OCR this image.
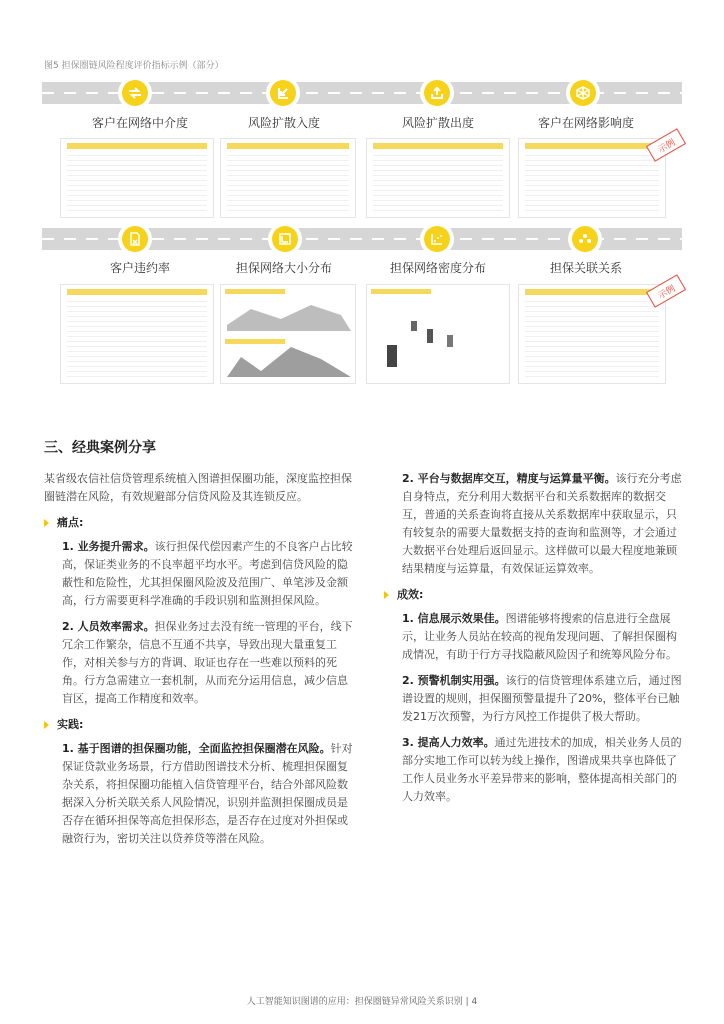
图5 担保圈链风险程度评价指标示例（部分）
客户在网络中介度	风险扩散入度	风险扩散出度	客户在网络影响度
示例
客户违约率	担保网络大小分布	担保网络密度分布	担保关联关系
示例
三、经典案例分享

某省级农信社信贷管理系统植入图谱担保圈功能，深度监控担保圈链潜在风险，有效规避部分信贷风险及其连锁反应。

痛点:
1. 业务提升需求。该行担保代偿因素产生的不良客户占比较高，保证类业务的不良率超平均水平。考虑到信贷风险的隐蔽性和危险性，尤其担保圈风险波及范围广、单笔涉及金额高，行方需要更科学准确的手段识别和监测担保风险。
2. 人员效率需求。担保业务过去没有统一管理的平台，线下冗余工作繁杂，信息不互通不共享，导致出现大量重复工作，对相关参与方的背调、取证也存在一些难以预料的死角。行方急需建立一套机制，从而充分运用信息，减少信息盲区，提高工作精度和效率。
实践:
1. 基于图谱的担保圈功能，全面监控担保圈潜在风险。针对保证贷款业务场景，行方借助图谱技术分析、梳理担保圈复杂关系，将担保圈功能植入信贷管理平台，结合外部风险数据深入分析关联关系人风险情况，识别并监测担保圈成员是否存在循环担保等高危担保形态，是否存在过度对外担保或融资行为，密切关注以贷养贷等潜在风险。
2. 平台与数据库交互，精度与运算量平衡。该行充分考虑自身特点，充分利用大数据平台和关系数据库的数据交互，普通的关系查询将直接从关系数据库中获取显示，只有较复杂的需要大量数据支持的查询和监测等，才会通过大数据平台处理后返回显示。这样做可以最大程度地兼顾结果精度与运算量，有效保证运算效率。
成效:
1. 信息展示效果佳。图谱能够将搜索的信息进行全盘展示，让业务人员站在较高的视角发现问题、了解担保圈构成情况，有助于行方寻找隐蔽风险因子和统筹风险分布。
2. 预警机制实用强。该行的信贷管理体系建立后，通过图谱设置的规则，担保圈预警量提升了20%，整体平台已触发21万次预警，为行方风控工作提供了极大帮助。
3. 提高人力效率。通过先进技术的加成，相关业务人员的部分实地工作可以转为线上操作，图谱成果共享也降低了工作人员业务水平差异带来的影响，整体提高相关部门的人力效率。
人工智能知识图谱的应用：担保圈链异常风险关系识别 | 4
